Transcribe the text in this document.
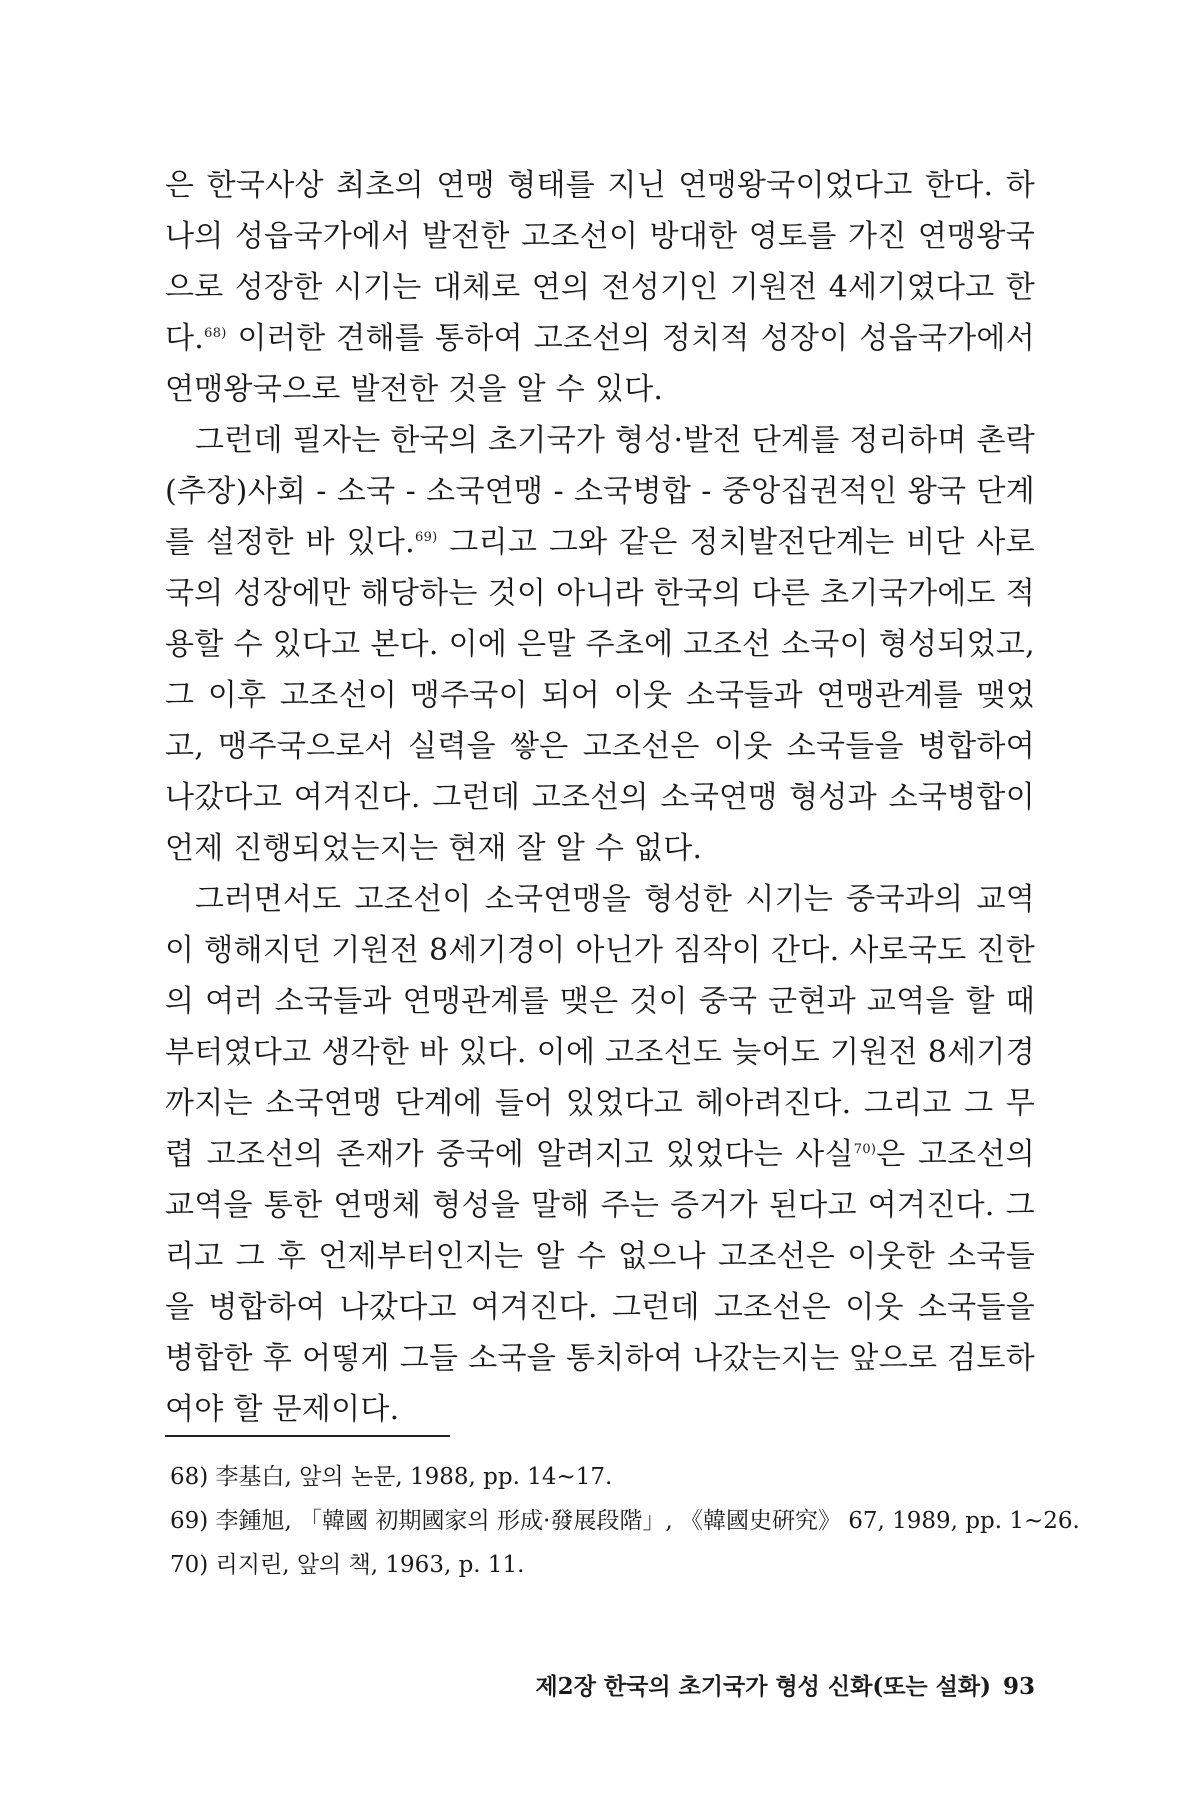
은 한국사상 최초의 연맹 형태를 지닌 연맹왕국이었다고 한다. 하나의 성읍국가에서 발전한 고조선이 방대한 영토를 가진 연맹왕국으로 성장한 시기는 대체로 연의 전성기인 기원전 4세기였다고 한다.$^{68)}$ 이러한 견해를 통하여 고조선의 정치적 성장이 성읍국가에서 연맹왕국으로 발전한 것을 알 수 있다.

그런데 필자는 한국의 초기국가 형성·발전 단계를 정리하며 촌락(추장)사회 - 소국 - 소국연맹 - 소국병합 - 중앙집권적인 왕국 단계를 설정한 바 있다.$^{69)}$ 그리고 그와 같은 정치발전단계는 비단 사로국의 성장에만 해당하는 것이 아니라 한국의 다른 초기국가에도 적용할 수 있다고 본다. 이에 은말 주초에 고조선 소국이 형성되었고, 그 이후 고조선이 맹주국이 되어 이웃 소국들과 연맹관계를 맺었고, 맹주국으로서 실력을 쌓은 고조선은 이웃 소국들을 병합하여 나갔다고 여겨진다. 그런데 고조선의 소국연맹 형성과 소국병합이 언제 진행되었는지는 현재 잘 알 수 없다.

그러면서도 고조선이 소국연맹을 형성한 시기는 중국과의 교역이 행해지던 기원전 8세기경이 아닌가 짐작이 간다. 사로국도 진한의 여러 소국들과 연맹관계를 맺은 것이 중국 군현과 교역을 할 때부터였다고 생각한 바 있다. 이에 고조선도 늦어도 기원전 8세기경까지는 소국연맹 단계에 들어 있었다고 헤아려진다. 그리고 그 무렵 고조선의 존재가 중국에 알려지고 있었다는 사실$^{70)}$은 고조선의 교역을 통한 연맹체 형성을 말해 주는 증거가 된다고 여겨진다. 그리고 그 후 언제부터인지는 알 수 없으나 고조선은 이웃한 소국들을 병합하여 나갔다고 여겨진다. 그런데 고조선은 이웃 소국들을 병합한 후 어떻게 그들 소국을 통치하여 나갔는지는 앞으로 검토하여야 할 문제이다.

68) 李基白, 앞의 논문, 1988, pp. 14~17.
69) 李鍾旭, 「韓國 初期國家의 形成·發展段階」, 《韓國史硏究》 67, 1989, pp. 1~26.
70) 리지린, 앞의 책, 1963, p. 11.
제2장 한국의 초기국가 형성 신화(또는 설화) 93
